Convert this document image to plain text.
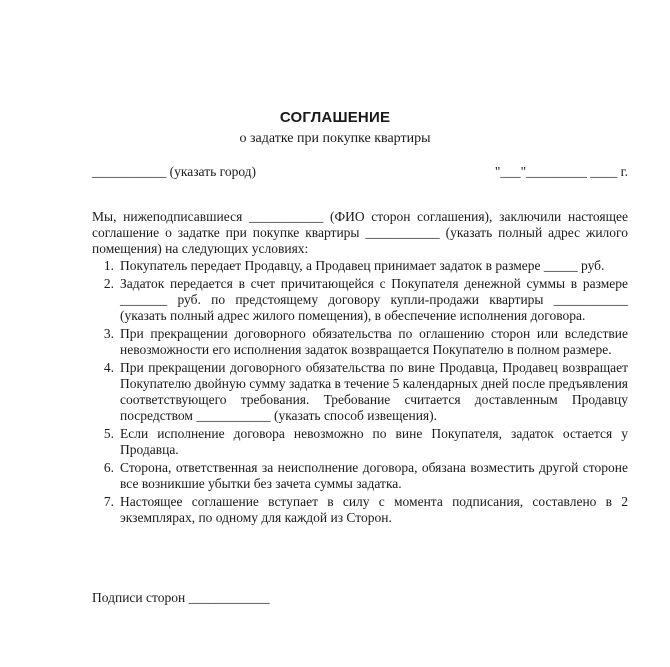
СОГЛАШЕНИЕ
о задатке при покупке квартиры
___________ (указать город)	"___"_________ ____ г.
Мы, нижеподписавшиеся ___________ (ФИО сторон соглашения), заключили настоящее соглашение о задатке при покупке квартиры ___________ (указать полный адрес жилого помещения) на следующих условиях:
1. Покупатель передает Продавцу, а Продавец принимает задаток в размере _____ руб.
2. Задаток передается в счет причитающейся с Покупателя денежной суммы в размере _______ руб. по предстоящему договору купли-продажи квартиры ___________ (указать полный адрес жилого помещения), в обеспечение исполнения договора.
3. При прекращении договорного обязательства по оглашению сторон или вследствие невозможности его исполнения задаток возвращается Покупателю в полном размере.
4. При прекращении договорного обязательства по вине Продавца, Продавец возвращает Покупателю двойную сумму задатка в течение 5 календарных дней после предъявления соответствующего требования. Требование считается доставленным Продавцу посредством ___________ (указать способ извещения).
5. Если исполнение договора невозможно по вине Покупателя, задаток остается у Продавца.
6. Сторона, ответственная за неисполнение договора, обязана возместить другой стороне все возникшие убытки без зачета суммы задатка.
7. Настоящее соглашение вступает в силу с момента подписания, составлено в 2 экземплярах, по одному для каждой из Сторон.
Подписи сторон ____________
